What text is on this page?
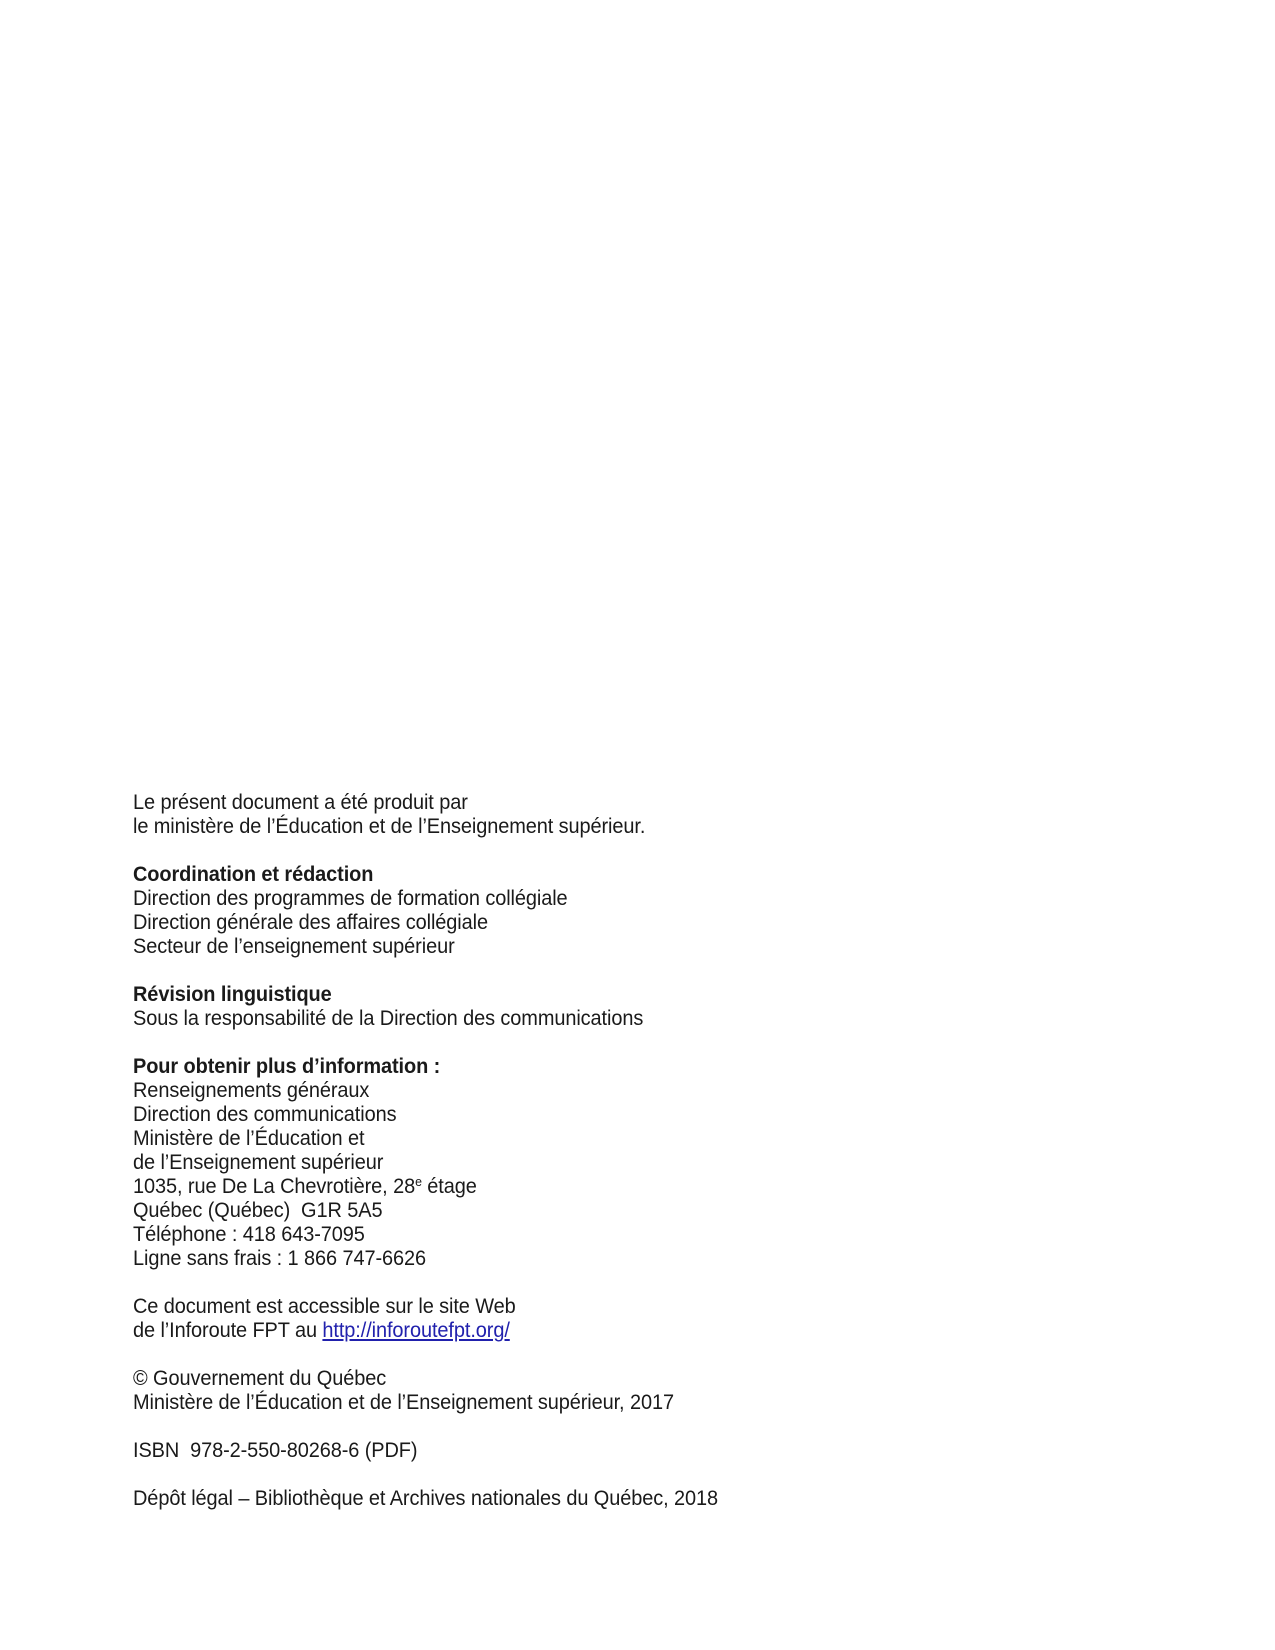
Le présent document a été produit par
le ministère de l’Éducation et de l’Enseignement supérieur.
Coordination et rédaction
Direction des programmes de formation collégiale
Direction générale des affaires collégiale
Secteur de l’enseignement supérieur
Révision linguistique
Sous la responsabilité de la Direction des communications
Pour obtenir plus d’information :
Renseignements généraux
Direction des communications
Ministère de l’Éducation et
de l’Enseignement supérieur
1035, rue De La Chevrotière, 28e étage
Québec (Québec)  G1R 5A5
Téléphone : 418 643-7095
Ligne sans frais : 1 866 747-6626
Ce document est accessible sur le site Web
de l’Inforoute FPT au http://inforoutefpt.org/
© Gouvernement du Québec
Ministère de l’Éducation et de l’Enseignement supérieur, 2017
ISBN  978-2-550-80268-6 (PDF)
Dépôt légal – Bibliothèque et Archives nationales du Québec, 2018
